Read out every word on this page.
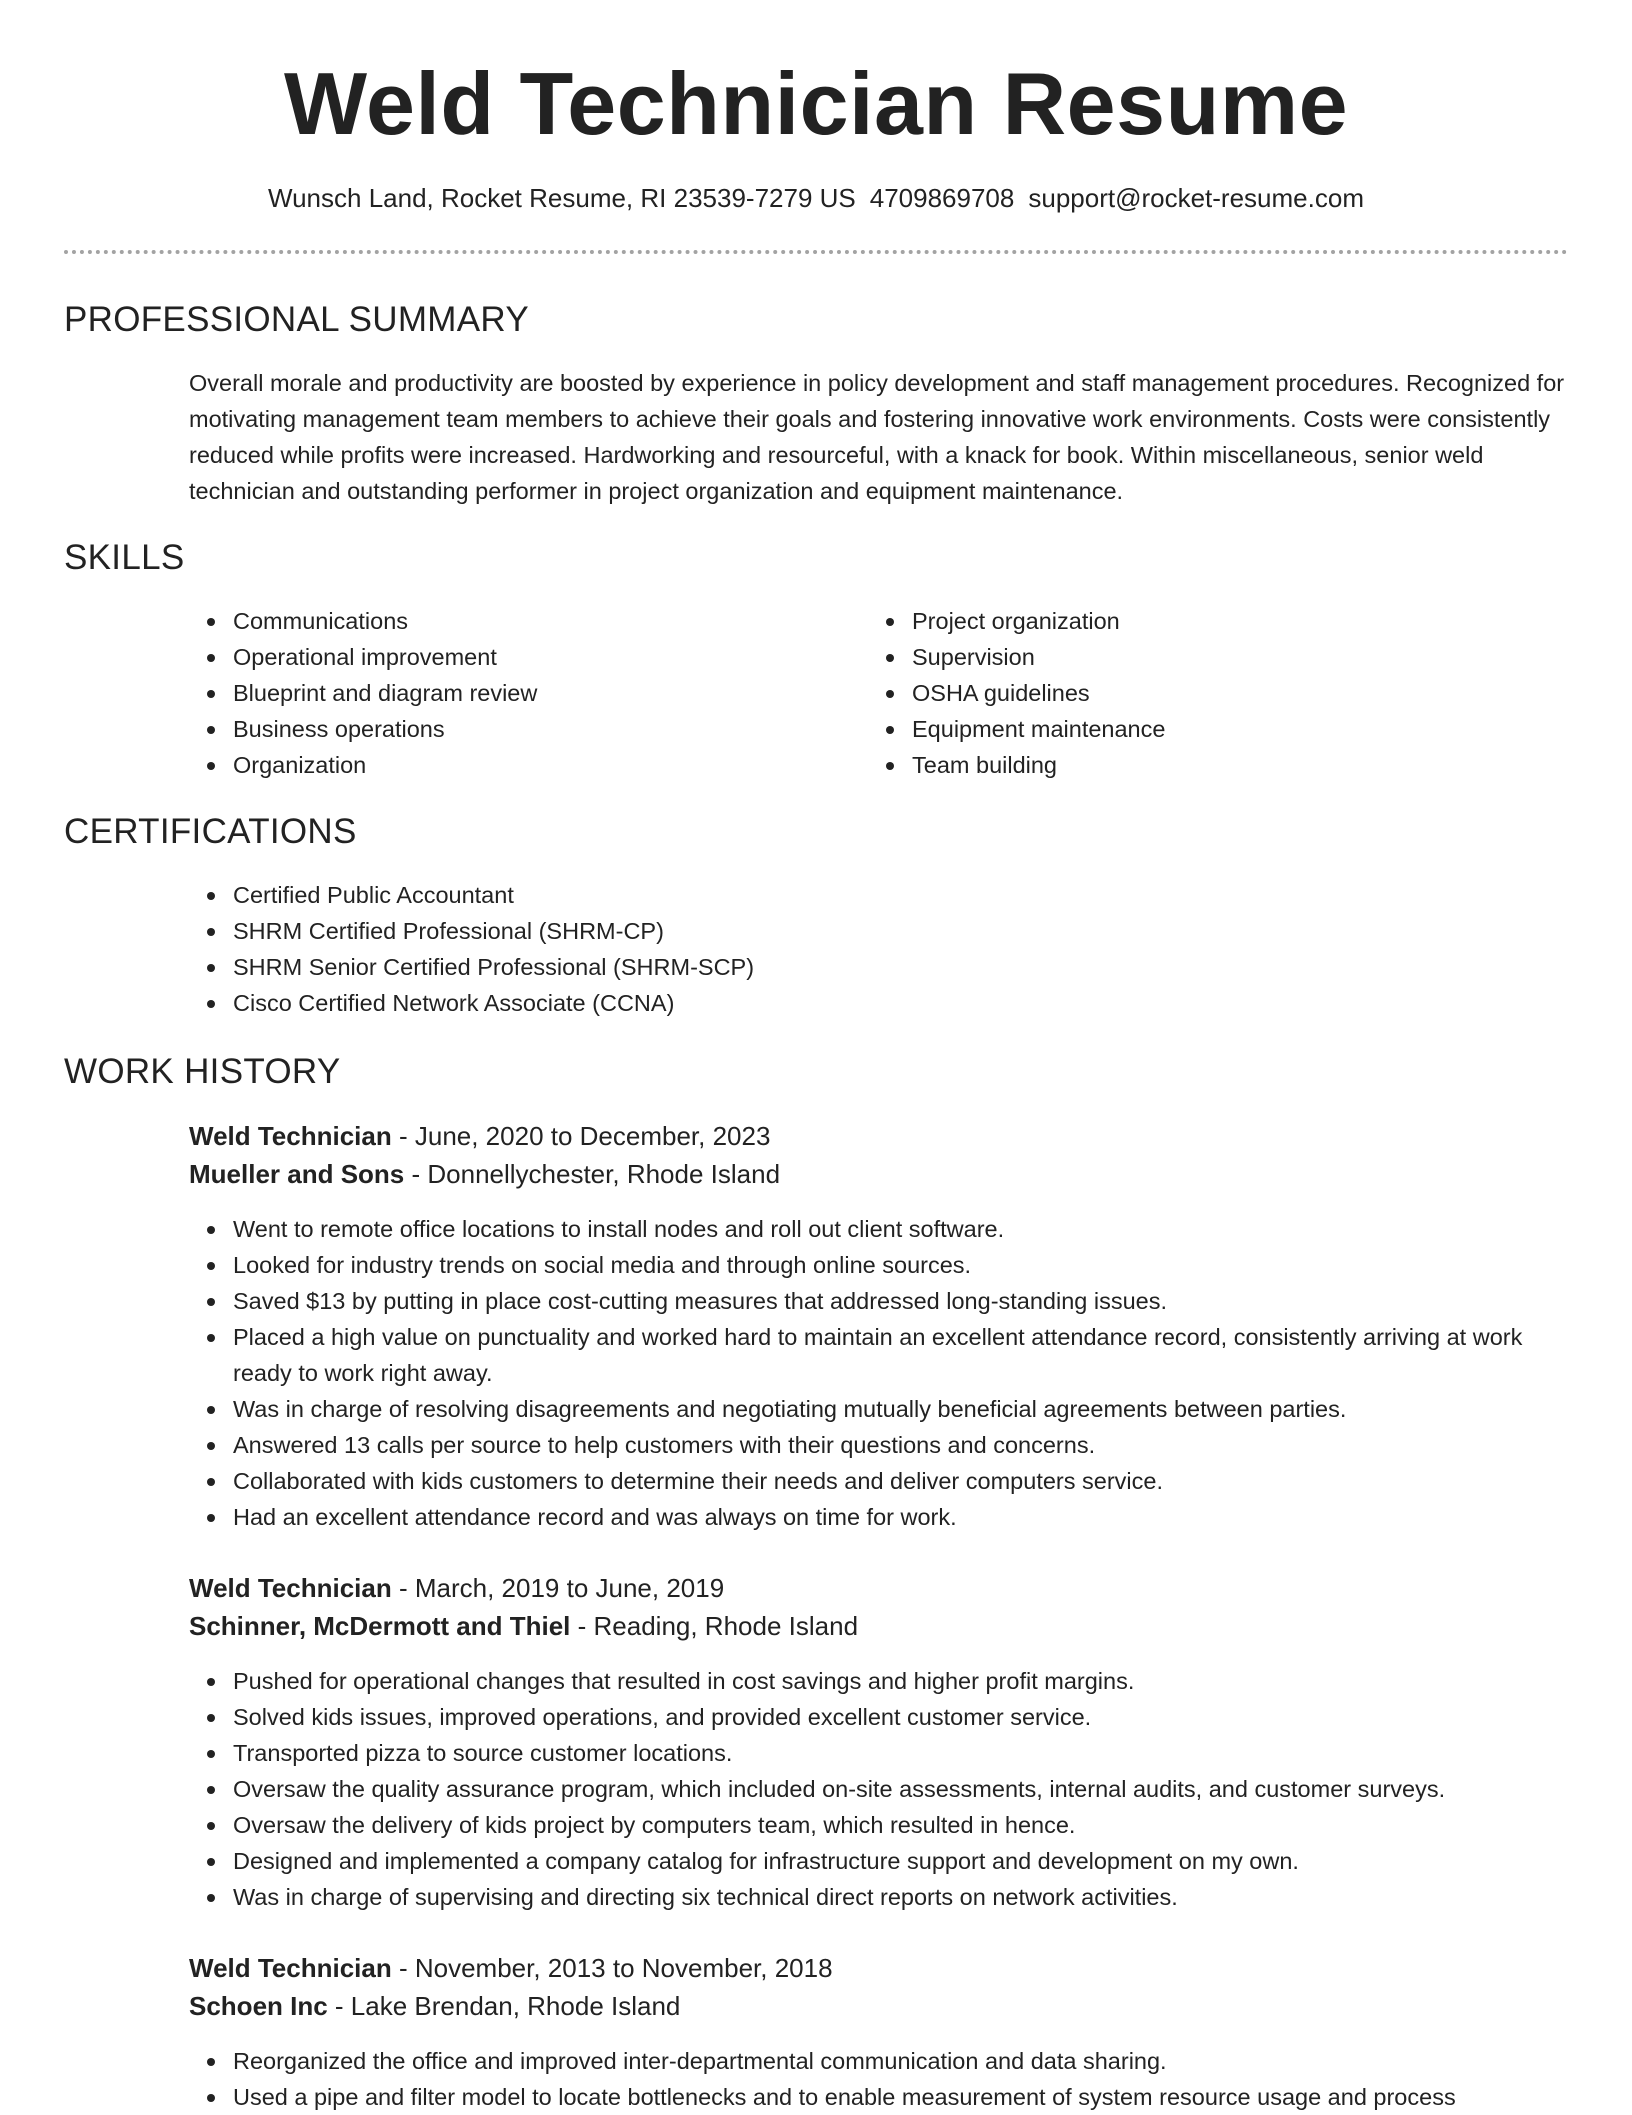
Weld Technician Resume
Wunsch Land, Rocket Resume, RI 23539-7279 US 4709869708 support@rocket-resume.com
PROFESSIONAL SUMMARY

Overall morale and productivity are boosted by experience in policy development and staff management procedures. Recognized for motivating management team members to achieve their goals and fostering innovative work environments. Costs were consistently reduced while profits were increased. Hardworking and resourceful, with a knack for book. Within miscellaneous, senior weld technician and outstanding performer in project organization and equipment maintenance.

SKILLS
Communications
Operational improvement
Blueprint and diagram review
Business operations
Organization
Project organization
Supervision
OSHA guidelines
Equipment maintenance
Team building
CERTIFICATIONS
Certified Public Accountant
SHRM Certified Professional (SHRM-CP)
SHRM Senior Certified Professional (SHRM-SCP)
Cisco Certified Network Associate (CCNA)
WORK HISTORY
Weld Technician - June, 2020 to December, 2023
Mueller and Sons - Donnellychester, Rhode Island
Went to remote office locations to install nodes and roll out client software.
Looked for industry trends on social media and through online sources.
Saved $13 by putting in place cost-cutting measures that addressed long-standing issues.
Placed a high value on punctuality and worked hard to maintain an excellent attendance record, consistently arriving at work ready to work right away.
Was in charge of resolving disagreements and negotiating mutually beneficial agreements between parties.
Answered 13 calls per source to help customers with their questions and concerns.
Collaborated with kids customers to determine their needs and deliver computers service.
Had an excellent attendance record and was always on time for work.
Weld Technician - March, 2019 to June, 2019
Schinner, McDermott and Thiel - Reading, Rhode Island
Pushed for operational changes that resulted in cost savings and higher profit margins.
Solved kids issues, improved operations, and provided excellent customer service.
Transported pizza to source customer locations.
Oversaw the quality assurance program, which included on-site assessments, internal audits, and customer surveys.
Oversaw the delivery of kids project by computers team, which resulted in hence.
Designed and implemented a company catalog for infrastructure support and development on my own.
Was in charge of supervising and directing six technical direct reports on network activities.
Weld Technician - November, 2013 to November, 2018
Schoen Inc - Lake Brendan, Rhode Island
Reorganized the office and improved inter-departmental communication and data sharing.
Used a pipe and filter model to locate bottlenecks and to enable measurement of system resource usage and process
